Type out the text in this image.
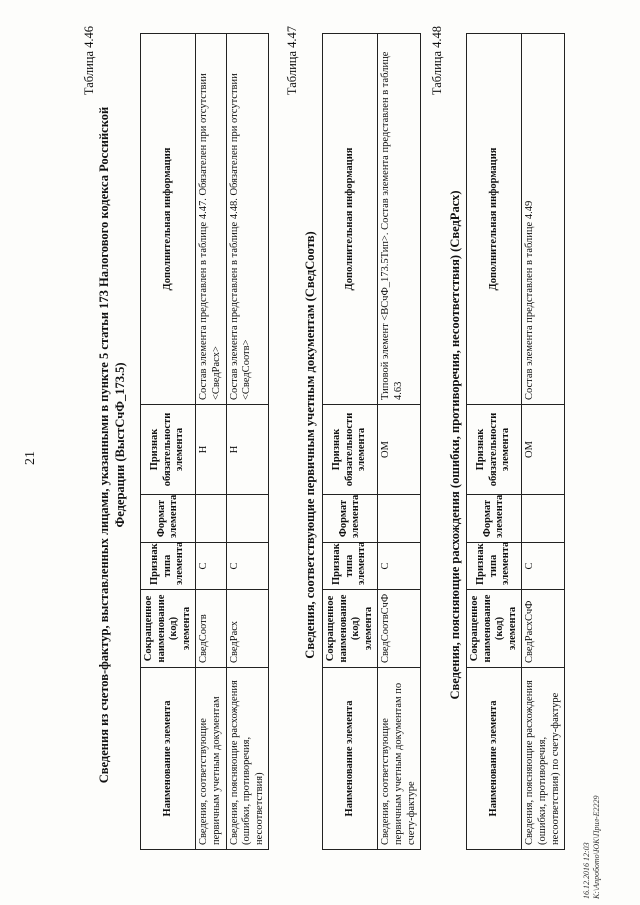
21
Таблица 4.46
Сведения из счетов-фактур, выставленных лицами, указанными в пункте 5 статьи 173 Налогового кодекса Российской Федерации (ВыстСчФ_173.5)
Наименование элемента	Сокращенное наименование (код) элемента	Признак типа элемента	Формат элемента	Признак обязательности элемента	Дополнительная информация
Сведения, соответствующие первичным учетным документам	СведСоотв	С		Н	Состав элемента представлен в таблице 4.47. Обязателен при отсутствии <СведРасх>
Сведения, поясняющие расхождения (ошибки, противоречия, несоответствия)	СведРасх	С		Н	Состав элемента представлен в таблице 4.48. Обязателен при отсутствии <СведСоотв>
Таблица 4.47
Сведения, соответствующие первичным учетным документам (СведСоотв)
Наименование элемента	Сокращенное наименование (код) элемента	Признак типа элемента	Формат элемента	Признак обязательности элемента	Дополнительная информация
Сведения, соответствующие первичным учетным документам по счету-фактуре	СведСоотвСчФ	С		ОМ	Типовой элемент <ВСчФ_173.5Тип>. Состав элемента представлен в таблице 4.63
Таблица 4.48
Сведения, поясняющие расхождения (ошибки, противоречия, несоответствия) (СведРасх)
Наименование элемента	Сокращенное наименование (код) элемента	Признак типа элемента	Формат элемента	Признак обязательности элемента	Дополнительная информация
Сведения, поясняющие расхождения (ошибки, противоречия, несоответствия) по счету-фактуре	СведРасхСчФ	С		ОМ	Состав элемента представлен в таблице 4.49
16.12.2016 12:03 К:\Апробото\ЮК\Прил-Е2229
